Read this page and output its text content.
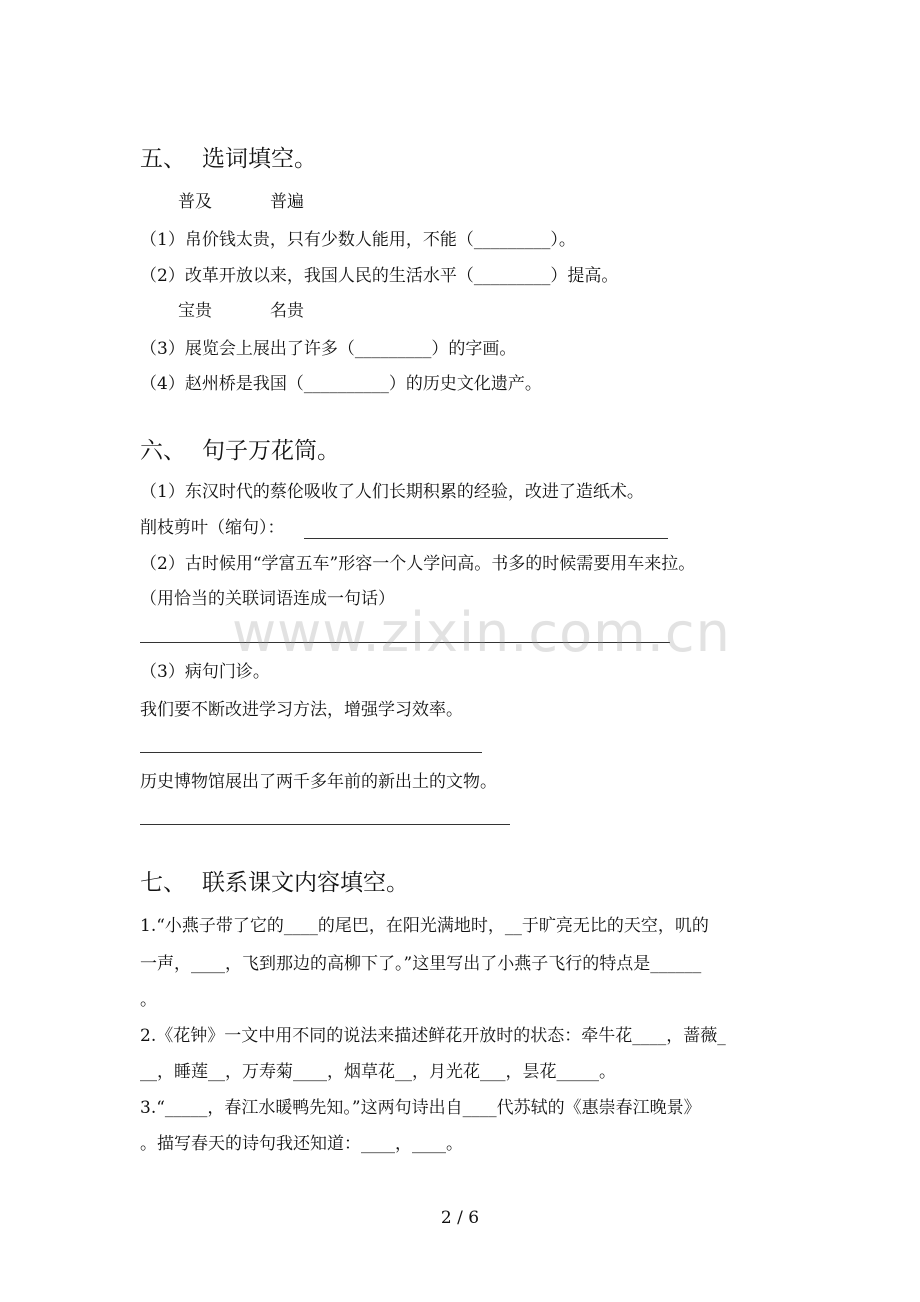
五、 选词填空。
普及	普遍
（1）帛价钱太贵，只有少数人能用，不能（_________）。
（2）改革开放以来，我国人民的生活水平（_________）提高。
宝贵	名贵
（3）展览会上展出了许多（_________）的字画。
（4）赵州桥是我国（__________）的历史文化遗产。
六、 句子万花筒。
（1）东汉时代的蔡伦吸收了人们长期积累的经验，改进了造纸术。
削枝剪叶（缩句）：
（2）古时候用“学富五车”形容一个人学问高。书多的时候需要用车来拉。
（用恰当的关联词语连成一句话）
（3）病句门诊。
我们要不断改进学习方法，增强学习效率。
历史博物馆展出了两千多年前的新出土的文物。
七、 联系课文内容填空。
1.“小燕子带了它的____的尾巴，在阳光满地时，__于旷亮无比的天空，叽的
一声，____，飞到那边的高柳下了。”这里写出了小燕子飞行的特点是______
。
2.《花钟》一文中用不同的说法来描述鲜花开放时的状态：牵牛花____，蔷薇_
__，睡莲__，万寿菊____，烟草花__，月光花___，昙花_____。
3.“_____，春江水暖鸭先知。”这两句诗出自____代苏轼的《惠崇春江晚景》
。描写春天的诗句我还知道：____，____。
www.zixin.com.cn
2 / 6
